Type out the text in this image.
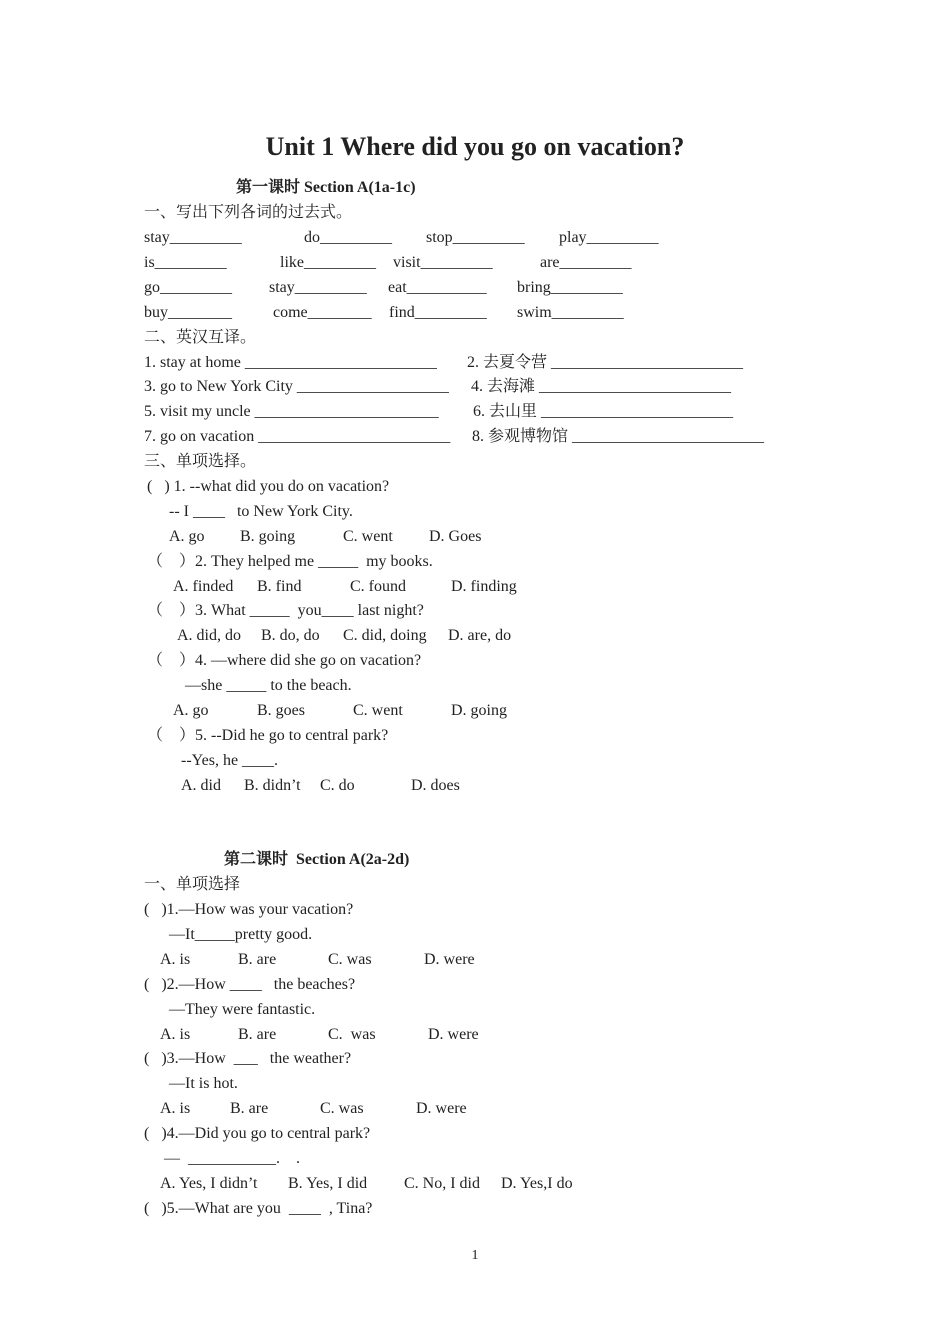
Unit 1 Where did you go on vacation?
第一课时 Section A(1a-1c)
一、写出下列各词的过去式。
stay_________	do_________ stop_________ play_________
is_________	like_________ visit_________	are_________
go_________ stay_________ eat__________ bring_________
buy________	come________ find_________ swim_________
二、英汉互译。
1. stay at home ________________________ 2. 去夏令营 ________________________
3. go to New York City ___________________ 4. 去海滩 ________________________
5. visit my uncle _______________________ 6. 去山里 ________________________
7. go on vacation ________________________ 8. 参观博物馆 ________________________
三、单项选择。
(   ) 1. --what did you do on vacation?
-- I ____   to New York City.
A. go B. going	C. went D. Goes
（    ）2. They helped me _____  my books.
A. finded B. find	C. found	D. finding
（    ）3. What _____  you____ last night?
A. did, do B. do, do C. did, doing D. are, do
（    ）4. —where did she go on vacation?
—she _____ to the beach.
A. go	B. goes	C. went	D. going
（    ）5. --Did he go to central park?
--Yes, he ____.
A. did B. didn’t C. do	D. does
第二课时  Section A(2a-2d)
一、单项选择
(   )1.—How was your vacation?
—It_____pretty good.
A. is	B. are	C. was	D. were
(   )2.—How ____   the beaches?
—They were fantastic.
A. is	B. are	C.  was	D. were
(   )3.—How  ___   the weather?
—It is hot.
A. is B. are	C. was	D. were
(   )4.—Did you go to central park?
—  ___________.    .
A. Yes, I didn’t B. Yes, I did C. No, I did D. Yes,I do
(   )5.—What are you  ____  , Tina?
1
